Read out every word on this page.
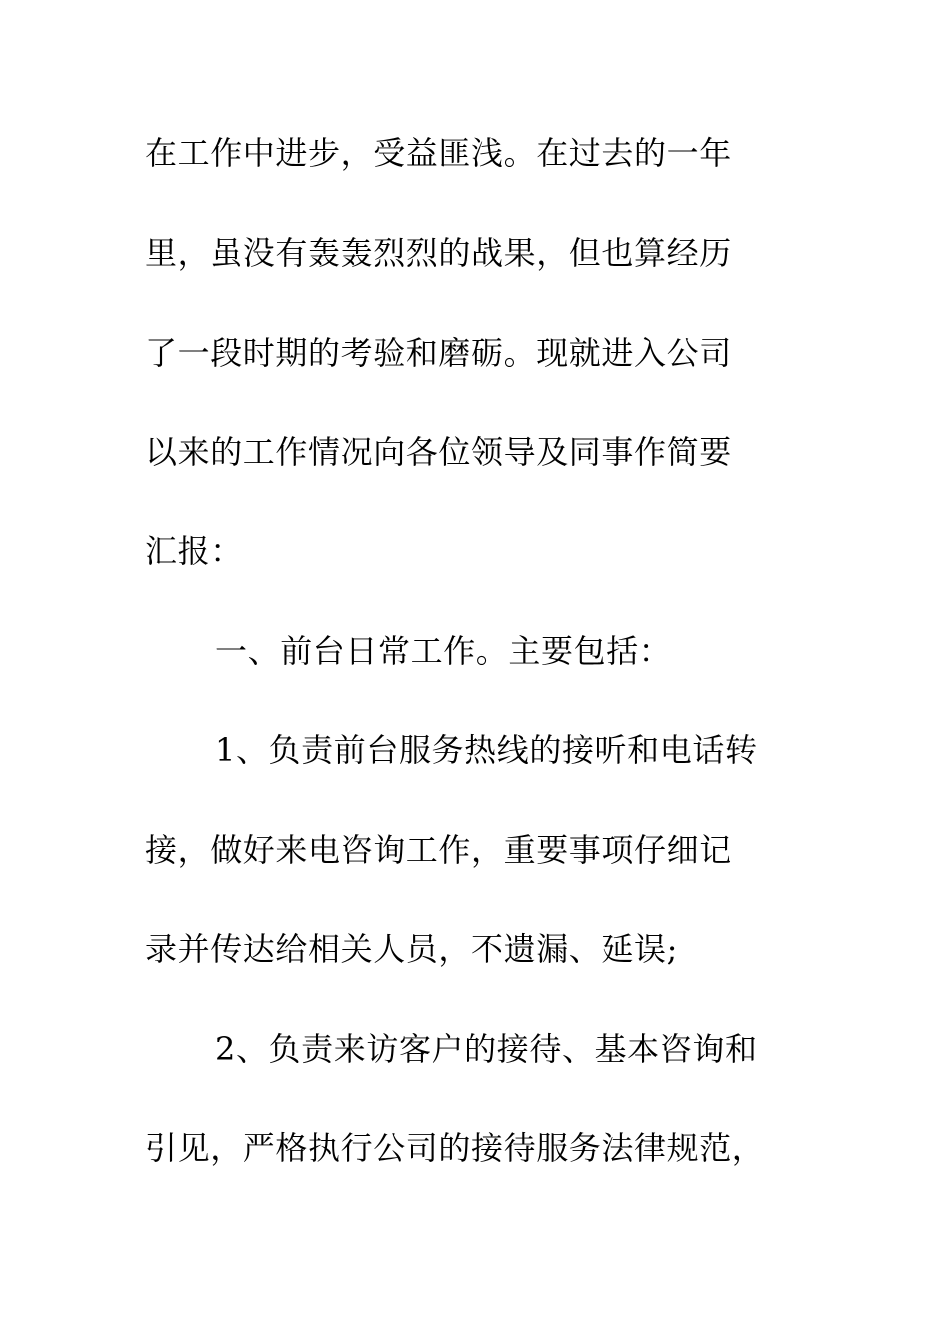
在工作中进步，受益匪浅。在过去的一年
里，虽没有轰轰烈烈的战果，但也算经历
了一段时期的考验和磨砺。现就进入公司
以来的工作情况向各位领导及同事作简要
汇报：
一、前台日常工作。主要包括：
1、负责前台服务热线的接听和电话转
接，做好来电咨询工作，重要事项仔细记
录并传达给相关人员，不遗漏、延误;
2、负责来访客户的接待、基本咨询和
引见，严格执行公司的接待服务法律规范，
